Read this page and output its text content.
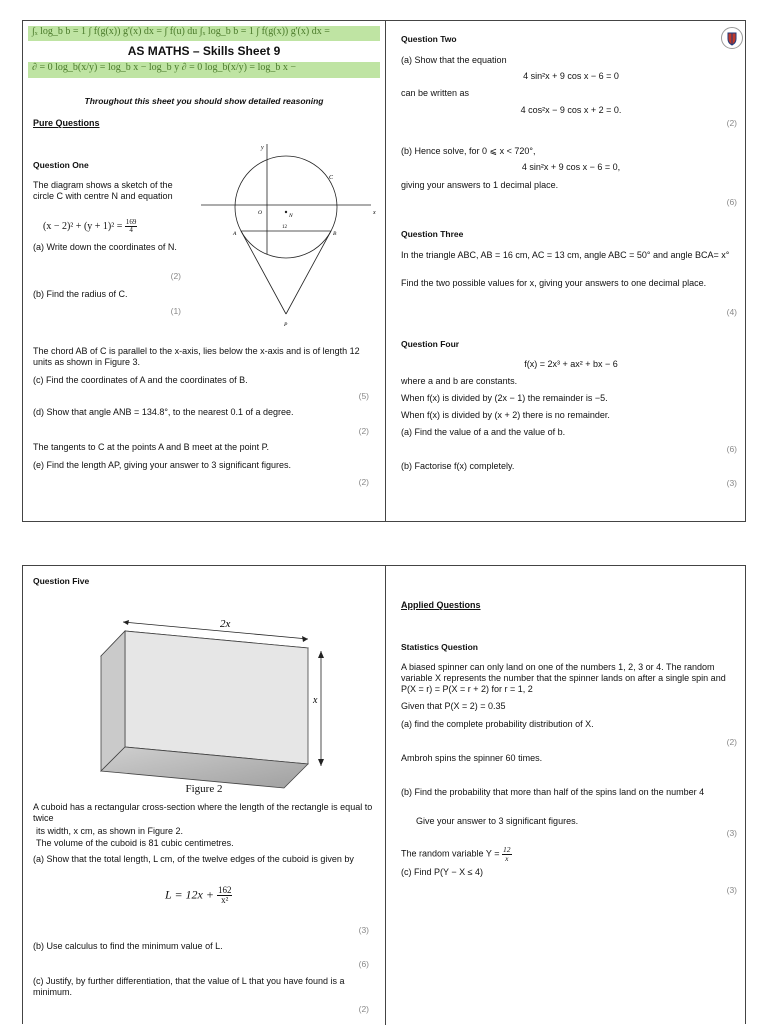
∫ₓ log_b b = 1 ∫ f(g(x)) g'(x) dx = ∫ f(u) du ∫ₓ log_b b = 1 ∫ f(g(x)) g'(x) dx =
AS MATHS – Skills Sheet 9
∂ = 0 log_b(x/y) = log_b x − log_b y ∂ = 0 log_b(x/y) = log_b x −
Throughout this sheet you should show detailed reasoning
Pure Questions
Question One
The diagram shows a sketch of the circle C with centre N and equation
$(x - 2)^2 + (y + 1)^2 = \frac{169}{4}$
(a) Write down the coordinates of N.
(2)
(b) Find the radius of C.
(1)
y
x
C
O	N
A	B
P
12
The chord AB of C is parallel to the x-axis, lies below the x-axis and is of length 12 units as shown in Figure 3.
(c) Find the coordinates of A and the coordinates of B.
(5)
(d) Show that angle ANB = 134.8°, to the nearest 0.1 of a degree.
(2)
The tangents to C at the points A and B meet at the point P.
(e) Find the length AP, giving your answer to 3 significant figures.
(2)
Question Two
(a) Show that the equation
4 sin²x + 9 cos x − 6 = 0
can be written as
4 cos²x − 9 cos x + 2 = 0.
(2)
(b) Hence solve, for 0 ⩽ x < 720°,
4 sin²x + 9 cos x − 6 = 0,
giving your answers to 1 decimal place.
(6)
Question Three
In the triangle ABC, AB = 16 cm, AC = 13 cm, angle ABC = 50° and angle BCA= x°
Find the two possible values for x, giving your answers to one decimal place.
(4)
Question Four
f(x) = 2x³ + ax² + bx − 6
where a and b are constants.
When f(x) is divided by (2x − 1) the remainder is −5.
When f(x) is divided by (x + 2) there is no remainder.
(a) Find the value of a and the value of b.
(6)
(b) Factorise f(x) completely.
(3)
Question Five
2x
x
Figure 2
A cuboid has a rectangular cross-section where the length of the rectangle is equal to twice
its width, x cm, as shown in Figure 2.
The volume of the cuboid is 81 cubic centimetres.
(a) Show that the total length, L cm, of the twelve edges of the cuboid is given by
$L = 12x + \frac{162}{\text{x²}}$
(3)
(b) Use calculus to find the minimum value of L.
(6)
(c) Justify, by further differentiation, that the value of L that you have found is a minimum.
(2)
Applied Questions
Statistics Question
A biased spinner can only land on one of the numbers 1, 2, 3 or 4. The random variable X represents the number that the spinner lands on after a single spin and P(X = r) = P(X = r + 2) for r = 1, 2
Given that P(X = 2) = 0.35
(a) find the complete probability distribution of X.
(2)
Ambroh spins the spinner 60 times.
(b) Find the probability that more than half of the spins land on the number 4
Give your answer to 3 significant figures.
(3)
The random variable $Y = \frac{12}{x}$
(c) Find P(Y − X ≤ 4)
(3)
